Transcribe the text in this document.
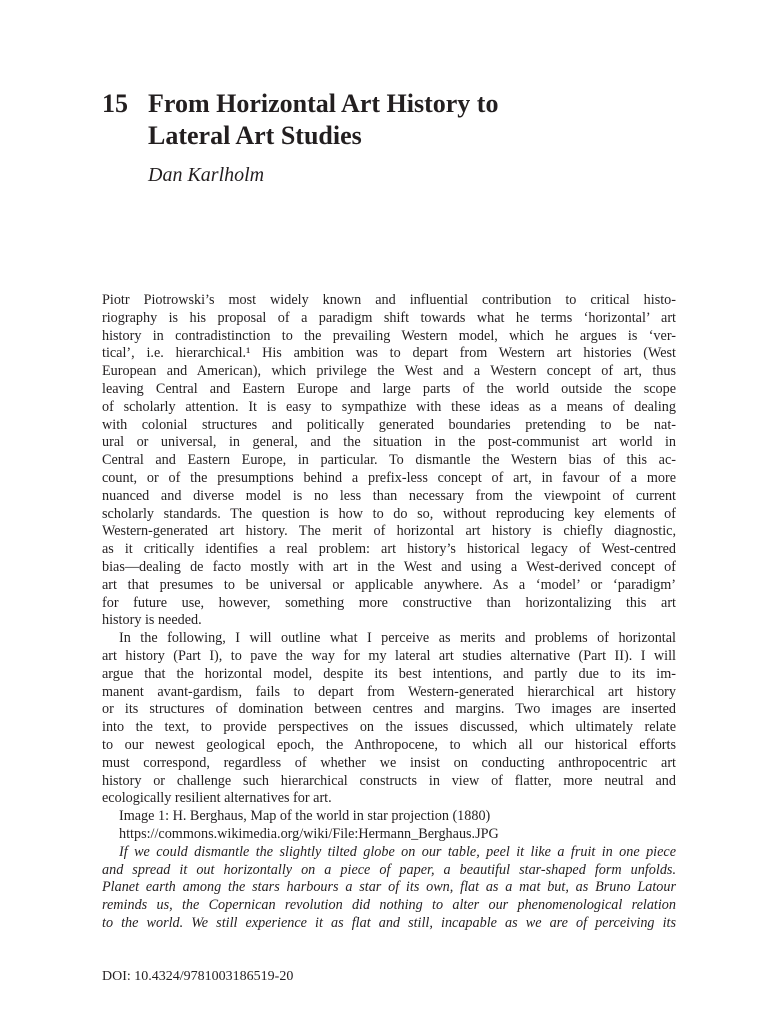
15 From Horizontal Art History to
Lateral Art Studies
Dan Karlholm
Piotr Piotrowski’s most widely known and influential contribution to critical histo-
riography is his proposal of a paradigm shift towards what he terms ‘horizontal’ art
history in contradistinction to the prevailing Western model, which he argues is ‘ver-
tical’, i.e. hierarchical.¹ His ambition was to depart from Western art histories (West
European and American), which privilege the West and a Western concept of art, thus
leaving Central and Eastern Europe and large parts of the world outside the scope
of scholarly attention. It is easy to sympathize with these ideas as a means of dealing
with colonial structures and politically generated boundaries pretending to be nat-
ural or universal, in general, and the situation in the post-communist art world in
Central and Eastern Europe, in particular. To dismantle the Western bias of this ac-
count, or of the presumptions behind a prefix-less concept of art, in favour of a more
nuanced and diverse model is no less than necessary from the viewpoint of current
scholarly standards. The question is how to do so, without reproducing key elements of
Western-generated art history. The merit of horizontal art history is chiefly diagnostic,
as it critically identifies a real problem: art history’s historical legacy of West-centred
bias—dealing de facto mostly with art in the West and using a West-derived concept of
art that presumes to be universal or applicable anywhere. As a ‘model’ or ‘paradigm’
for future use, however, something more constructive than horizontalizing this art
history is needed.
In the following, I will outline what I perceive as merits and problems of horizontal
art history (Part I), to pave the way for my lateral art studies alternative (Part II). I will
argue that the horizontal model, despite its best intentions, and partly due to its im-
manent avant-gardism, fails to depart from Western-generated hierarchical art history
or its structures of domination between centres and margins. Two images are inserted
into the text, to provide perspectives on the issues discussed, which ultimately relate
to our newest geological epoch, the Anthropocene, to which all our historical efforts
must correspond, regardless of whether we insist on conducting anthropocentric art
history or challenge such hierarchical constructs in view of flatter, more neutral and
ecologically resilient alternatives for art.
Image 1: H. Berghaus, Map of the world in star projection (1880)
https://commons.wikimedia.org/wiki/File:Hermann_Berghaus.JPG
If we could dismantle the slightly tilted globe on our table, peel it like a fruit in one piece
and spread it out horizontally on a piece of paper, a beautiful star-shaped form unfolds.
Planet earth among the stars harbours a star of its own, flat as a mat but, as Bruno Latour
reminds us, the Copernican revolution did nothing to alter our phenomenological relation
to the world. We still experience it as flat and still, incapable as we are of perceiving its
DOI: 10.4324/9781003186519-20
